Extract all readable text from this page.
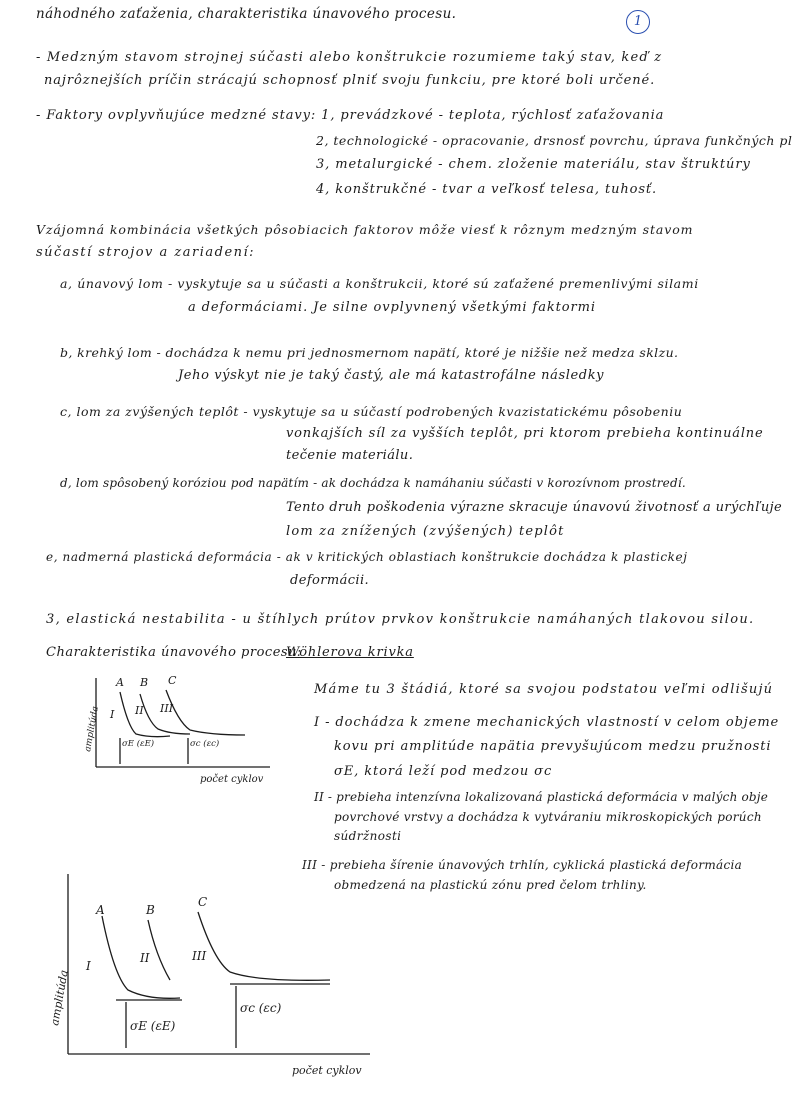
1
náhodného zaťaženia, charakteristika únavového procesu.
- Medzným stavom strojnej súčasti alebo konštrukcie rozumieme taký stav, keď z
najrôznejších príčin strácajú schopnosť plniť svoju funkciu, pre ktoré boli určené.
- Faktory ovplyvňujúce medzné stavy: 1, prevádzkové - teplota, rýchlosť zaťažovania
2, technologické - opracovanie, drsnosť povrchu, úprava funkčných pl
3, metalurgické - chem. zloženie materiálu, stav štruktúry
4, konštrukčné - tvar a veľkosť telesa, tuhosť.
Vzájomná kombinácia všetkých pôsobiacich faktorov môže viesť k rôznym medzným stavom
súčastí strojov a zariadení:
a, únavový lom - vyskytuje sa u súčasti a konštrukcii, ktoré sú zaťažené premenlivými silami
a deformáciami. Je silne ovplyvnený všetkými faktormi
b, krehký lom - dochádza k nemu pri jednosmernom napätí, ktoré je nižšie než medza sklzu.
Jeho výskyt nie je taký častý, ale má katastrofálne následky
c, lom za zvýšených teplôt - vyskytuje sa u súčastí podrobených kvazistatickému pôsobeniu
vonkajších síl za vyšších teplôt, pri ktorom prebieha kontinuálne
tečenie materiálu.
d, lom spôsobený koróziou pod napätím - ak dochádza k namáhaniu súčasti v korozívnom prostredí.
Tento druh poškodenia výrazne skracuje únavovú životnosť a urýchľuje
lom za znížených (zvýšených) teplôt
e, nadmerná plastická deformácia - ak v kritických oblastiach konštrukcie dochádza k plastickej
deformácii.
3, elastická nestabilita - u štíhlych prútov prvkov konštrukcie namáhaných tlakovou silou.
Charakteristika únavového procesu:
Wöhlerova krivka
Máme tu 3 štádiá, ktoré sa svojou podstatou veľmi odlišujú
I - dochádza k zmene mechanických vlastností v celom objeme
kovu pri amplitúde napätia prevyšujúcom medzu pružnosti
σE, ktorá leží pod medzou σc
II - prebieha intenzívna lokalizovaná plastická deformácia v malých obje
povrchové vrstvy a dochádza k vytváraniu mikroskopických porúch
súdržnosti
III - prebieha šírenie únavových trhlín, cyklická plastická deformácia
obmedzená na plastickú zónu pred čelom trhliny.
A B C
I II III
amplitúda σE (εE)	σc (εc)
počet cyklov
A	B
C
I
II	III
amplitúda	σE (εE)
σc (εc)
počet cyklov
